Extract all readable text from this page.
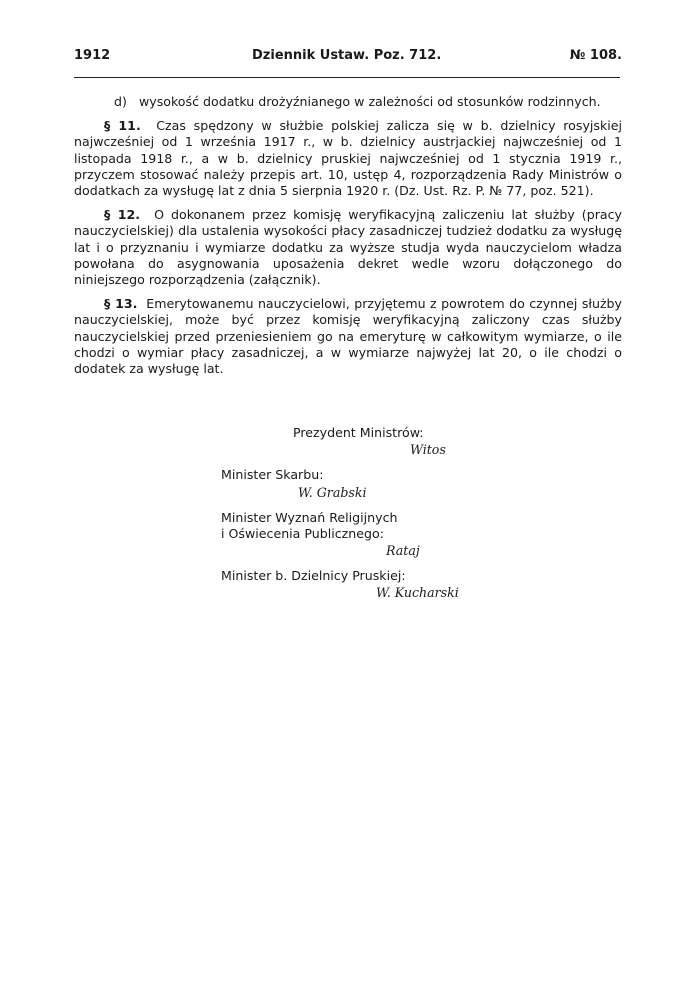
1912	Dziennik Ustaw. Poz. 712.	№ 108.

d) wysokość dodatku drożyźnianego w zależności od stosunków rodzinnych.

§ 11. Czas spędzony w służbie polskiej zalicza się w b. dzielnicy rosyjskiej najwcześniej od 1 września 1917 r., w b. dzielnicy austrjackiej najwcześniej od 1 listopada 1918 r., a w b. dzielnicy pruskiej najwcześniej od 1 stycznia 1919 r., przyczem stosować należy przepis art. 10, ustęp 4, rozporządzenia Rady Ministrów o dodatkach za wysługę lat z dnia 5 sierpnia 1920 r. (Dz. Ust. Rz. P. № 77, poz. 521).

§ 12. O dokonanem przez komisję weryfikacyjną zaliczeniu lat służby (pracy nauczycielskiej) dla ustalenia wysokości płacy zasadniczej tudzież dodatku za wysługę lat i o przyznaniu i wymiarze dodatku za wyższe studja wyda nauczycielom władza powołana do asygnowania uposażenia dekret wedle wzoru dołączonego do niniejszego rozporządzenia (załącznik).

§ 13. Emerytowanemu nauczycielowi, przyjętemu z powrotem do czynnej służby nauczycielskiej, może być przez komisję weryfikacyjną zaliczony czas służby nauczycielskiej przed przeniesieniem go na emeryturę w całkowitym wymiarze, o ile chodzi o wymiar płacy zasadniczej, a w wymiarze najwyżej lat 20, o ile chodzi o dodatek za wysługę lat.

Prezydent Ministrów:
Witos
Minister Skarbu:
W. Grabski
Minister Wyznań Religijnych
i Oświecenia Publicznego:
Rataj
Minister b. Dzielnicy Pruskiej:
W. Kucharski
